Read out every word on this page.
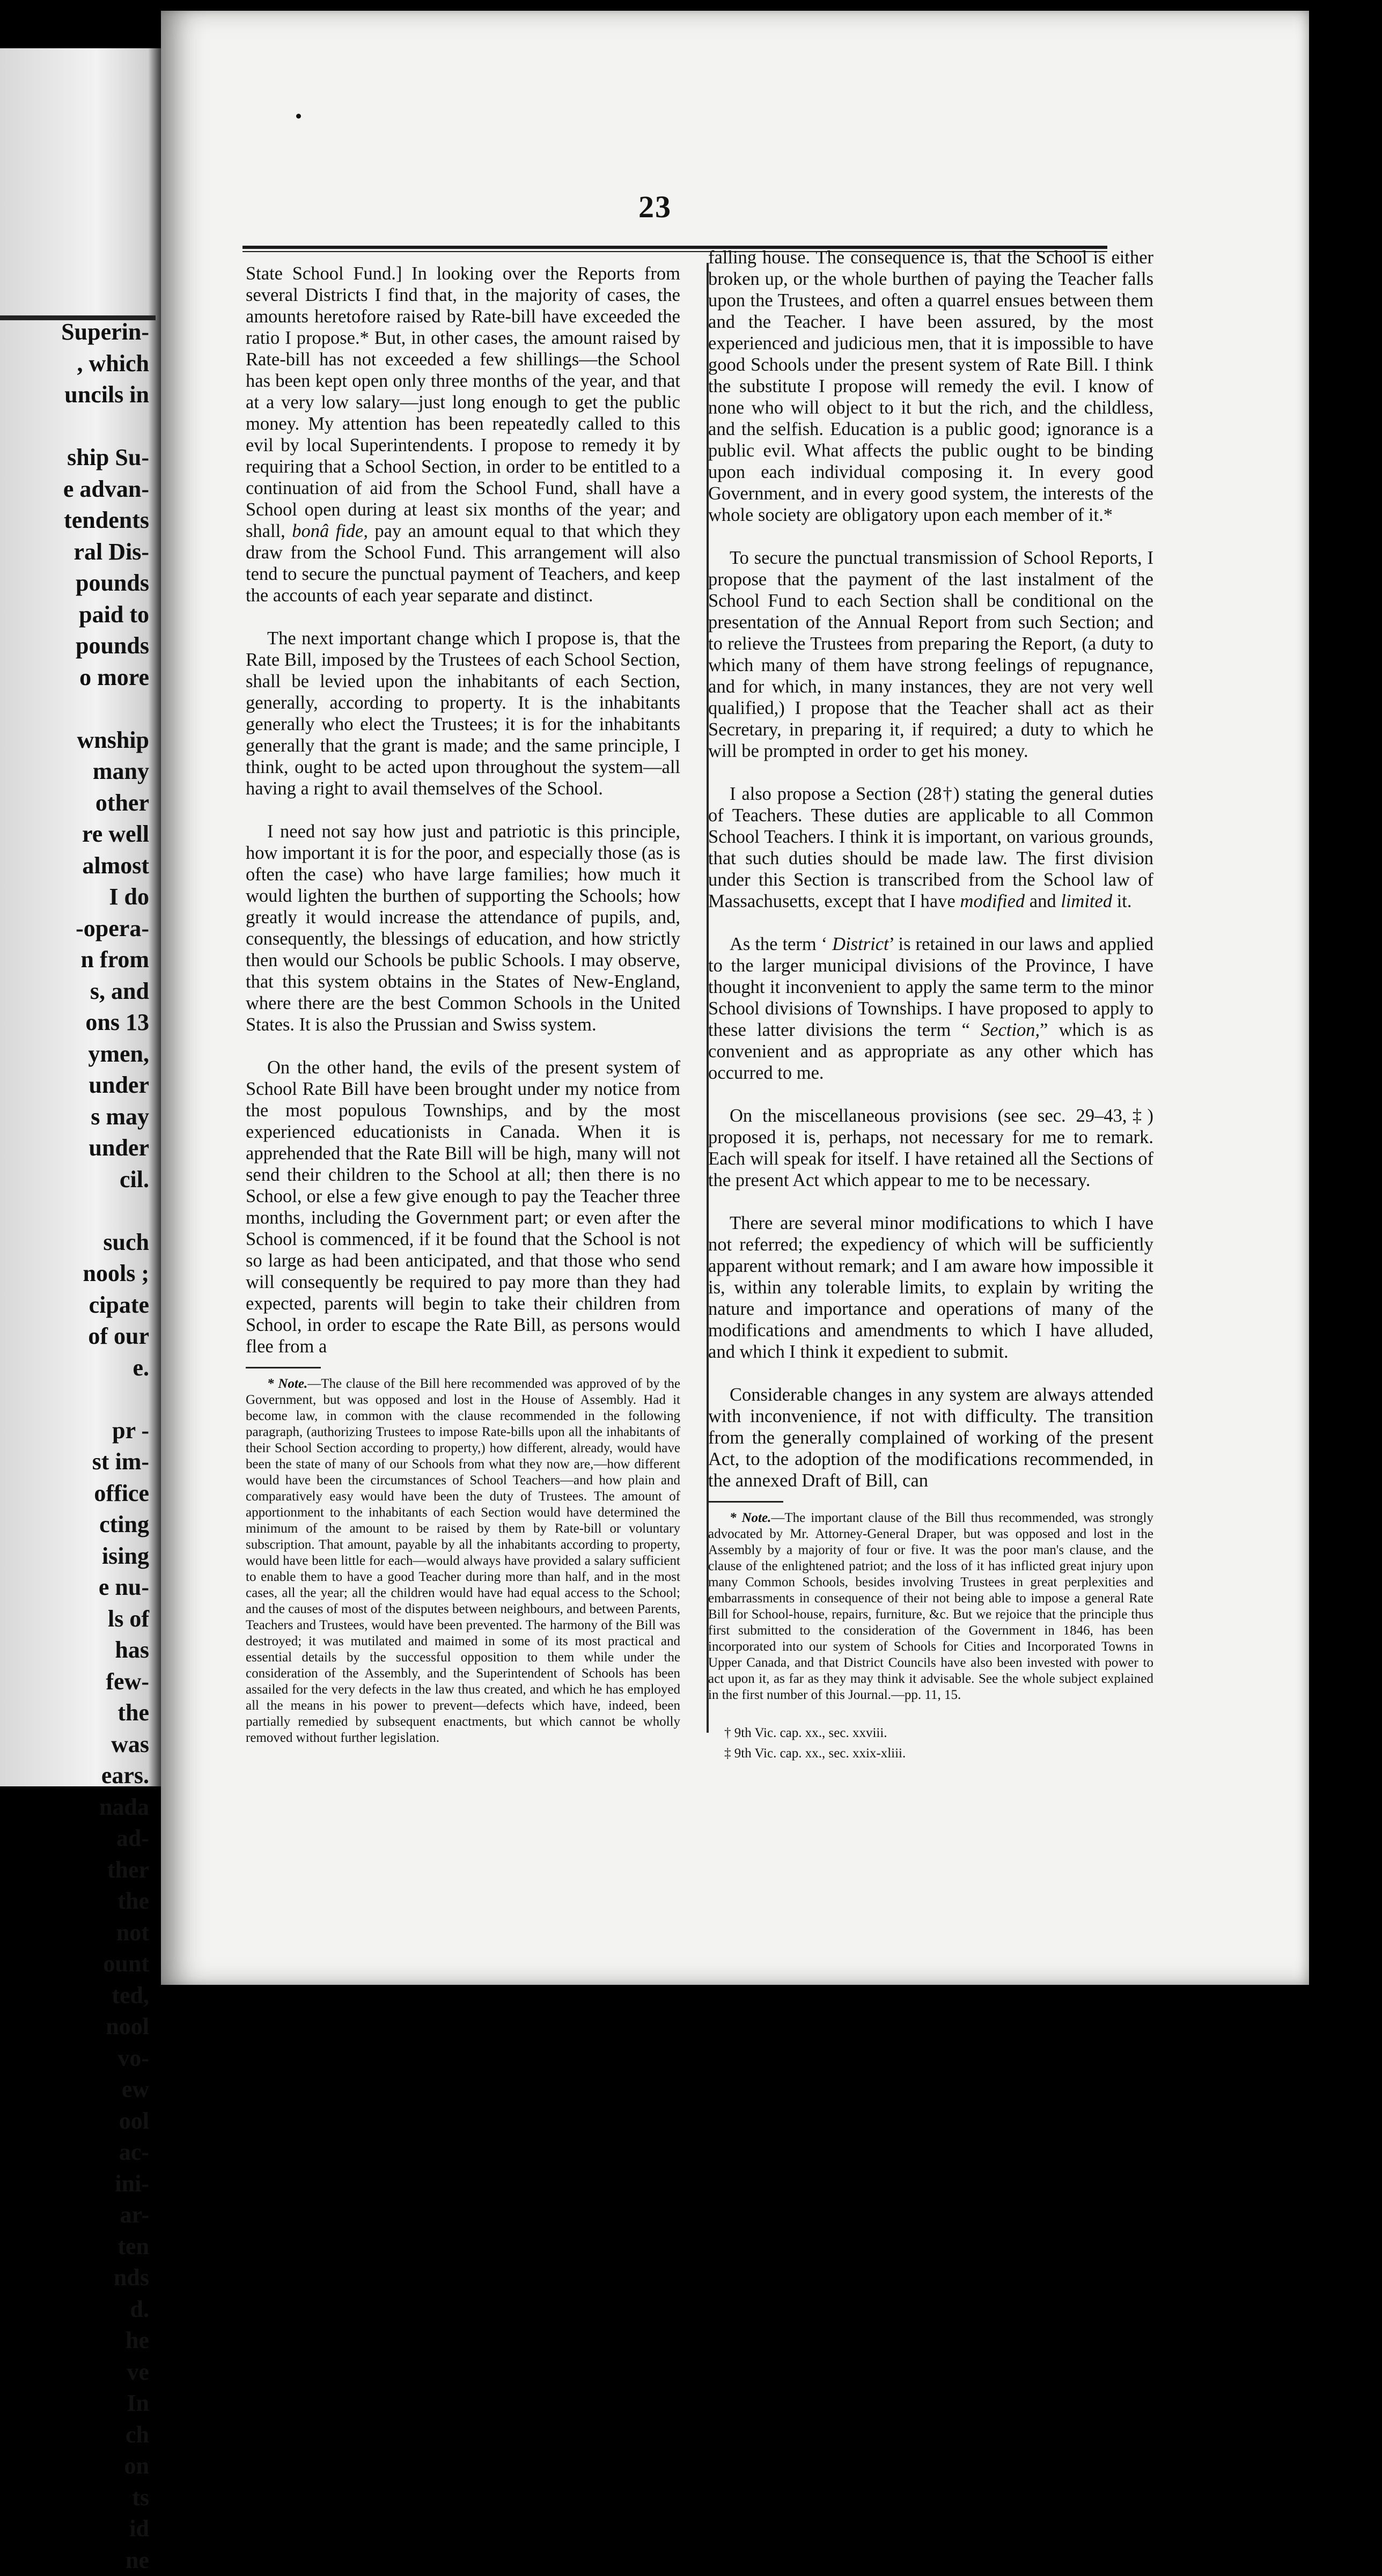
Superin-
, which
uncils in

ship Su-
e advan-
tendents
ral Dis-
pounds
paid to
pounds
o more

wnship
many
other
re well
almost
I do
-opera-
n from
s, and
ons 13
ymen,
under
s may
under
cil.

such
nools ;
cipate
of our
e.

pr -
st im-
office
cting
ising
e nu-
ls of
has
few-
the
was
ears.
nada
ad-
ther
the
not
ount
ted,
nool
vo-
ew
ool
ac-
ini-
ar-
ten
nds
d.
he
ve
In
ch
on
ts
id
ne
23

State School Fund.] In looking over the Reports from several Districts I find that, in the majority of cases, the amounts heretofore raised by Rate-bill have exceeded the ratio I propose.* But, in other cases, the amount raised by Rate-bill has not exceeded a few shillings—the School has been kept open only three months of the year, and that at a very low salary—just long enough to get the public money. My attention has been repeatedly called to this evil by local Superintendents. I propose to remedy it by requiring that a School Section, in order to be entitled to a continuation of aid from the School Fund, shall have a School open during at least six months of the year; and shall, bonâ fide, pay an amount equal to that which they draw from the School Fund. This arrangement will also tend to secure the punctual payment of Teachers, and keep the accounts of each year separate and distinct.

The next important change which I propose is, that the Rate Bill, imposed by the Trustees of each School Section, shall be levied upon the inhabitants of each Section, generally, according to property. It is the inhabitants generally who elect the Trustees; it is for the inhabitants generally that the grant is made; and the same principle, I think, ought to be acted upon throughout the system—all having a right to avail themselves of the School.

I need not say how just and patriotic is this principle, how important it is for the poor, and especially those (as is often the case) who have large families; how much it would lighten the burthen of supporting the Schools; how greatly it would increase the attendance of pupils, and, consequently, the blessings of education, and how strictly then would our Schools be public Schools. I may observe, that this system obtains in the States of New-England, where there are the best Common Schools in the United States. It is also the Prussian and Swiss system.

On the other hand, the evils of the present system of School Rate Bill have been brought under my notice from the most populous Townships, and by the most experienced educationists in Canada. When it is apprehended that the Rate Bill will be high, many will not send their children to the School at all; then there is no School, or else a few give enough to pay the Teacher three months, including the Government part; or even after the School is commenced, if it be found that the School is not so large as had been anticipated, and that those who send will consequently be required to pay more than they had expected, parents will begin to take their children from School, in order to escape the Rate Bill, as persons would flee from a

* Note.—The clause of the Bill here recommended was approved of by the Government, but was opposed and lost in the House of Assembly. Had it become law, in common with the clause recommended in the following paragraph, (authorizing Trustees to impose Rate-bills upon all the inhabitants of their School Section according to property,) how different, already, would have been the state of many of our Schools from what they now are,—how different would have been the circumstances of School Teachers—and how plain and comparatively easy would have been the duty of Trustees. The amount of apportionment to the inhabitants of each Section would have determined the minimum of the amount to be raised by them by Rate-bill or voluntary subscription. That amount, payable by all the inhabitants according to property, would have been little for each—would always have provided a salary sufficient to enable them to have a good Teacher during more than half, and in the most cases, all the year; all the children would have had equal access to the School; and the causes of most of the disputes between neighbours, and between Parents, Teachers and Trustees, would have been prevented. The harmony of the Bill was destroyed; it was mutilated and maimed in some of its most practical and essential details by the successful opposition to them while under the consideration of the Assembly, and the Superintendent of Schools has been assailed for the very defects in the law thus created, and which he has employed all the means in his power to prevent—defects which have, indeed, been partially remedied by subsequent enactments, but which cannot be wholly removed without further legislation.

falling house. The consequence is, that the School is either broken up, or the whole burthen of paying the Teacher falls upon the Trustees, and often a quarrel ensues between them and the Teacher. I have been assured, by the most experienced and judicious men, that it is impossible to have good Schools under the present system of Rate Bill. I think the substitute I propose will remedy the evil. I know of none who will object to it but the rich, and the childless, and the selfish. Education is a public good; ignorance is a public evil. What affects the public ought to be binding upon each individual composing it. In every good Government, and in every good system, the interests of the whole society are obligatory upon each member of it.*

To secure the punctual transmission of School Reports, I propose that the payment of the last instalment of the School Fund to each Section shall be conditional on the presentation of the Annual Report from such Section; and to relieve the Trustees from preparing the Report, (a duty to which many of them have strong feelings of repugnance, and for which, in many instances, they are not very well qualified,) I propose that the Teacher shall act as their Secretary, in preparing it, if required; a duty to which he will be prompted in order to get his money.

I also propose a Section (28†) stating the general duties of Teachers. These duties are applicable to all Common School Teachers. I think it is important, on various grounds, that such duties should be made law. The first division under this Section is transcribed from the School law of Massachusetts, except that I have modified and limited it.

As the term ‘ District’ is retained in our laws and applied to the larger municipal divisions of the Province, I have thought it inconvenient to apply the same term to the minor School divisions of Townships. I have proposed to apply to these latter divisions the term “ Section,” which is as convenient and as appropriate as any other which has occurred to me.

On the miscellaneous provisions (see sec. 29–43,‡) proposed it is, perhaps, not necessary for me to remark. Each will speak for itself. I have retained all the Sections of the present Act which appear to me to be necessary.

There are several minor modifications to which I have not referred; the expediency of which will be sufficiently apparent without remark; and I am aware how impossible it is, within any tolerable limits, to explain by writing the nature and importance and operations of many of the modifications and amendments to which I have alluded, and which I think it expedient to submit.

Considerable changes in any system are always attended with inconvenience, if not with difficulty. The transition from the generally complained of working of the present Act, to the adoption of the modifications recommended, in the annexed Draft of Bill, can

* Note.—The important clause of the Bill thus recommended, was strongly advocated by Mr. Attorney-General Draper, but was opposed and lost in the Assembly by a majority of four or five. It was the poor man's clause, and the clause of the enlightened patriot; and the loss of it has inflicted great injury upon many Common Schools, besides involving Trustees in great perplexities and embarrassments in consequence of their not being able to impose a general Rate Bill for School-house, repairs, furniture, &c. But we rejoice that the principle thus first submitted to the consideration of the Government in 1846, has been incorporated into our system of Schools for Cities and Incorporated Towns in Upper Canada, and that District Councils have also been invested with power to act upon it, as far as they may think it advisable. See the whole subject explained in the first number of this Journal.—pp. 11, 15.

† 9th Vic. cap. xx., sec. xxviii.
‡ 9th Vic. cap. xx., sec. xxix-xliii.
